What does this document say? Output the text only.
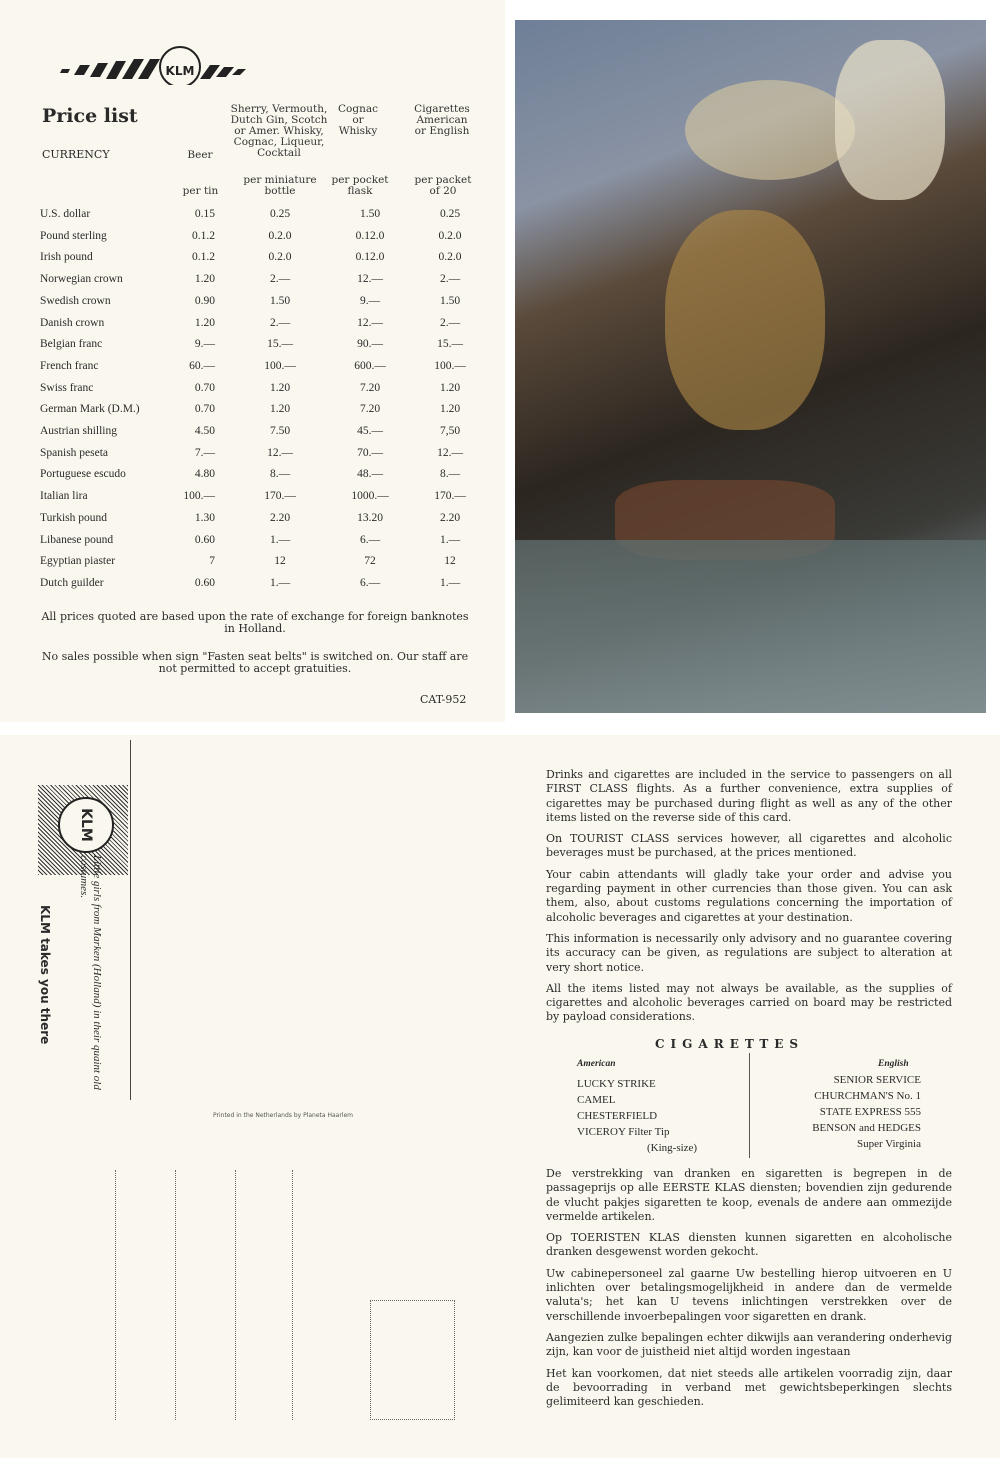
KLM
Price list
CURRENCY	Beer
Sherry, Vermouth, Dutch Gin, Scotch or Amer. Whisky, Cognac, Liqueur, Cocktail
Cognac or Whisky
Cigarettes American or English
per tin
per miniature bottle
per pocket flask
per packet of 20
U.S. dollar	0.15	0.25	1.50	0.25
Pound sterling	0.1.2	0.2.0	0.12.0	0.2.0
Irish pound	0.1.2	0.2.0	0.12.0	0.2.0
Norwegian crown	1.20	2.—	12.—	2.—
Swedish crown	0.90	1.50	9.—	1.50
Danish crown	1.20	2.—	12.—	2.—
Belgian franc	9.—	15.—	90.—	15.—
French franc	60.—	100.—	600.—	100.—
Swiss franc	0.70	1.20	7.20	1.20
German Mark (D.M.)	0.70	1.20	7.20	1.20
Austrian shilling	4.50	7.50	45.—	7,50
Spanish peseta	7.—	12.—	70.—	12.—
Portuguese escudo	4.80	8.—	48.—	8.—
Italian lira	100.—	170.—	1000.—	170.—
Turkish pound	1.30	2.20	13.20	2.20
Libanese pound	0.60	1.—	6.—	1.—
Egyptian piaster	7	12	72	12
Dutch guilder	0.60	1.—	6.—	1.—
All prices quoted are based upon the rate of exchange for foreign banknotes in Holland.
No sales possible when sign "Fasten seat belts" is switched on. Our staff are not permitted to accept gratuities.
CAT-952
KLM
Little girls from Marken (Holland) in their quaint old costumes.
KLM takes you there
Printed in the Netherlands by Planeta Haarlem

Drinks and cigarettes are included in the service to passengers on all FIRST CLASS flights. As a further convenience, extra supplies of cigarettes may be purchased during flight as well as any of the other items listed on the reverse side of this card.

On TOURIST CLASS services however, all cigarettes and alcoholic beverages must be purchased, at the prices mentioned.

Your cabin attendants will gladly take your order and advise you regarding payment in other currencies than those given. You can ask them, also, about customs regulations concerning the importation of alcoholic beverages and cigarettes at your destination.

This information is necessarily only advisory and no guarantee covering its accuracy can be given, as regulations are subject to alteration at very short notice.

All the items listed may not always be available, as the supplies of cigarettes and alcoholic beverages carried on board may be restricted by payload considerations.

CIGARETTES
American	English
LUCKY STRIKE
CAMEL
CHESTERFIELD
VICEROY Filter Tip
(King-size)
SENIOR SERVICE
CHURCHMAN'S No. 1
STATE EXPRESS 555
BENSON and HEDGES
Super Virginia

De verstrekking van dranken en sigaretten is begrepen in de passageprijs op alle EERSTE KLAS diensten; bovendien zijn gedurende de vlucht pakjes sigaretten te koop, evenals de andere aan ommezijde vermelde artikelen.

Op TOERISTEN KLAS diensten kunnen sigaretten en alcoholische dranken desgewenst worden gekocht.

Uw cabinepersoneel zal gaarne Uw bestelling hierop uitvoeren en U inlichten over betalingsmogelijkheid in andere dan de vermelde valuta's; het kan U tevens inlichtingen verstrekken over de verschillende invoerbepalingen voor sigaretten en drank.

Aangezien zulke bepalingen echter dikwijls aan verandering onderhevig zijn, kan voor de juistheid niet altijd worden ingestaan

Het kan voorkomen, dat niet steeds alle artikelen voorradig zijn, daar de bevoorrading in verband met gewichtsbeperkingen slechts gelimiteerd kan geschieden.
